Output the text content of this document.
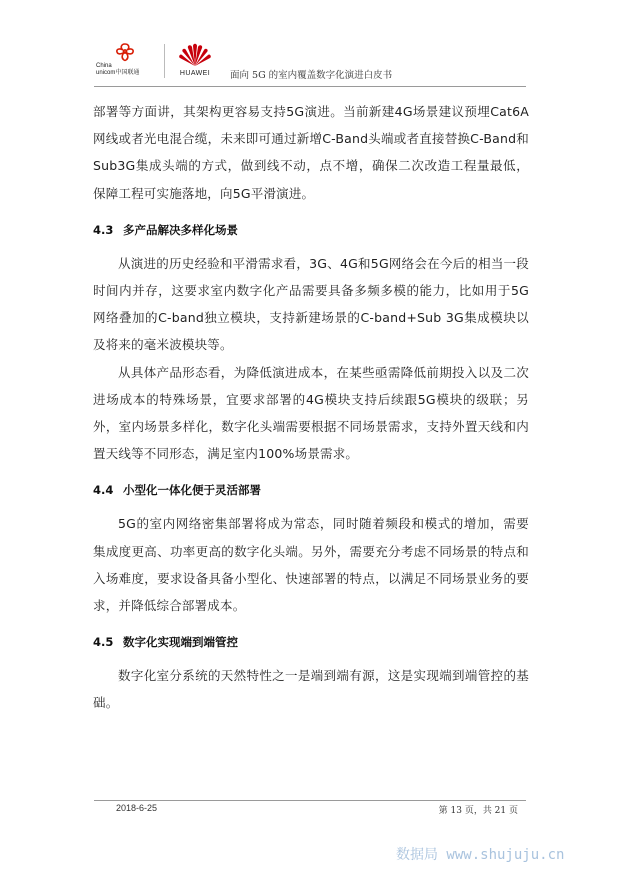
China
unicom中国联通	HUAWEI	面向 5G 的室内覆盖数字化演进白皮书

部署等方面讲，其架构更容易支持5G演进。当前新建4G场景建议预埋Cat6A网线或者光电混合缆，未来即可通过新增C-Band头端或者直接替换C-Band和Sub3G集成头端的方式，做到线不动，点不增，确保二次改造工程量最低，保障工程可实施落地，向5G平滑演进。

4.3 多产品解决多样化场景

从演进的历史经验和平滑需求看，3G、4G和5G网络会在今后的相当一段时间内并存，这要求室内数字化产品需要具备多频多模的能力，比如用于5G网络叠加的C-band独立模块，支持新建场景的C-band+Sub 3G集成模块以及将来的毫米波模块等。

从具体产品形态看，为降低演进成本，在某些亟需降低前期投入以及二次进场成本的特殊场景，宜要求部署的4G模块支持后续跟5G模块的级联；另外，室内场景多样化，数字化头端需要根据不同场景需求，支持外置天线和内置天线等不同形态，满足室内100%场景需求。

4.4 小型化一体化便于灵活部署

5G的室内网络密集部署将成为常态，同时随着频段和模式的增加，需要集成度更高、功率更高的数字化头端。另外，需要充分考虑不同场景的特点和入场难度，要求设备具备小型化、快速部署的特点，以满足不同场景业务的要求，并降低综合部署成本。

4.5 数字化实现端到端管控

数字化室分系统的天然特性之一是端到端有源，这是实现端到端管控的基础。

2018-6-25	第 13 页，共 21 页
数据局 www.shujuju.cn
